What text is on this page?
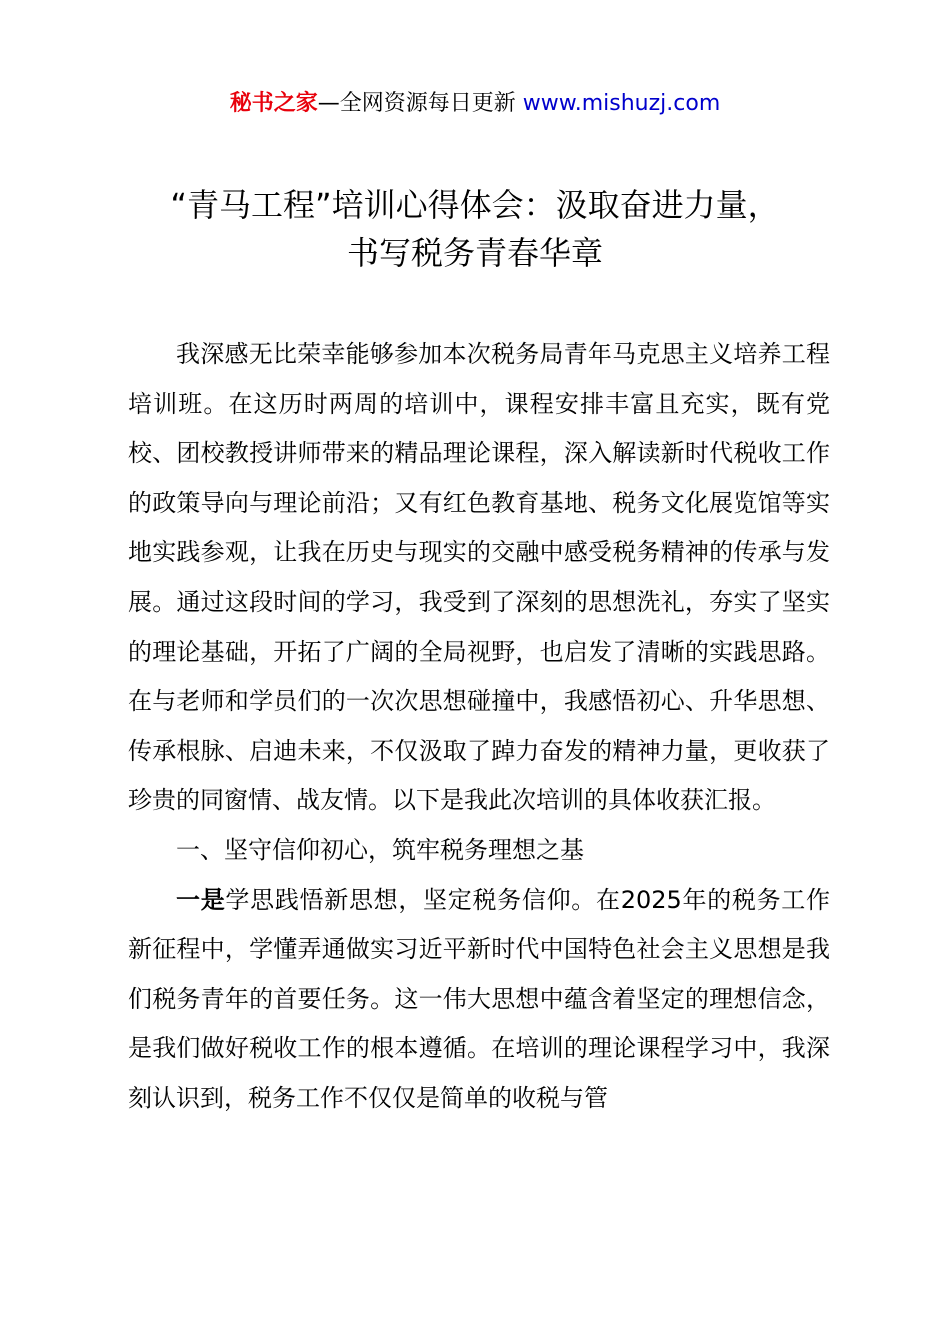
秘书之家—全网资源每日更新 www.mishuzj.com
“青马工程”培训心得体会：汲取奋进力量，
书写税务青春华章

我深感无比荣幸能够参加本次税务局青年马克思主义培养工程培训班。在这历时两周的培训中，课程安排丰富且充实，既有党校、团校教授讲师带来的精品理论课程，深入解读新时代税收工作的政策导向与理论前沿；又有红色教育基地、税务文化展览馆等实地实践参观，让我在历史与现实的交融中感受税务精神的传承与发展。通过这段时间的学习，我受到了深刻的思想洗礼，夯实了坚实的理论基础，开拓了广阔的全局视野，也启发了清晰的实践思路。在与老师和学员们的一次次思想碰撞中，我感悟初心、升华思想、传承根脉、启迪未来，不仅汲取了踔力奋发的精神力量，更收获了珍贵的同窗情、战友情。以下是我此次培训的具体收获汇报。

一、坚守信仰初心，筑牢税务理想之基

一是学思践悟新思想，坚定税务信仰。在2025年的税务工作新征程中，学懂弄通做实习近平新时代中国特色社会主义思想是我们税务青年的首要任务。这一伟大思想中蕴含着坚定的理想信念，是我们做好税收工作的根本遵循。在培训的理论课程学习中，我深刻认识到，税务工作不仅仅是简单的收税与管
